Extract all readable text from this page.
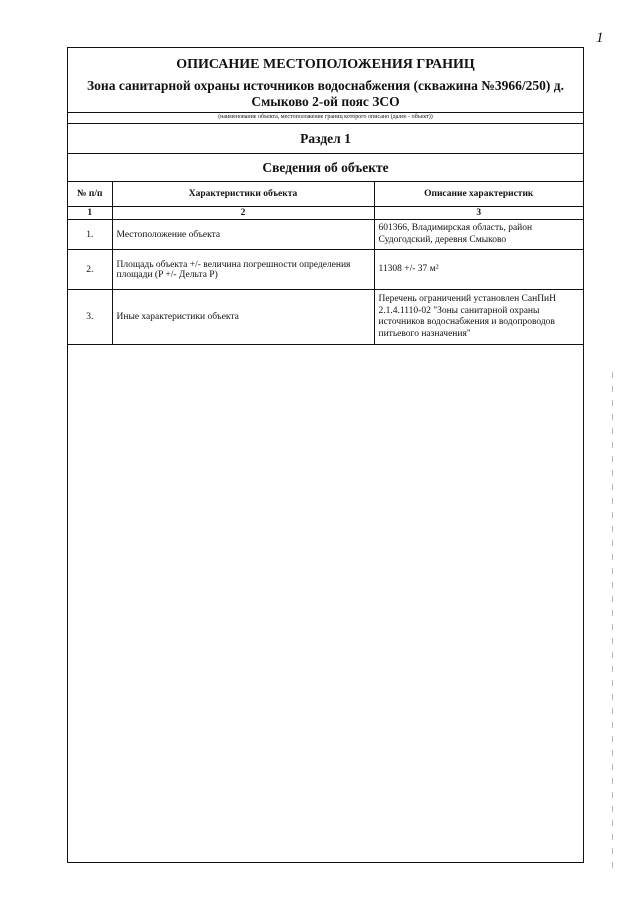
1
ОПИСАНИЕ МЕСТОПОЛОЖЕНИЯ ГРАНИЦ
Зона санитарной охраны источников водоснабжения (скважина №3966/250) д. Смыково 2-ой пояс ЗСО
(наименование объекта, местоположение границ которого описано (далее - объект))
Раздел 1
Сведения об объекте
№ п/п	Характеристики объекта	Описание характеристик
1	2	3
1.	Местоположение объекта	601366, Владимирская область, район Судогодский, деревня Смыково
2.	Площадь объекта +/- величина погрешности определения площади (P +/- Дельта P)	11308 +/- 37 м²
3.	Иные характеристики объекта	Перечень ограничений установлен СанПиН 2.1.4.1110-02 "Зоны санитарной охраны источников водоснабжения и водопроводов питьевого назначения"
